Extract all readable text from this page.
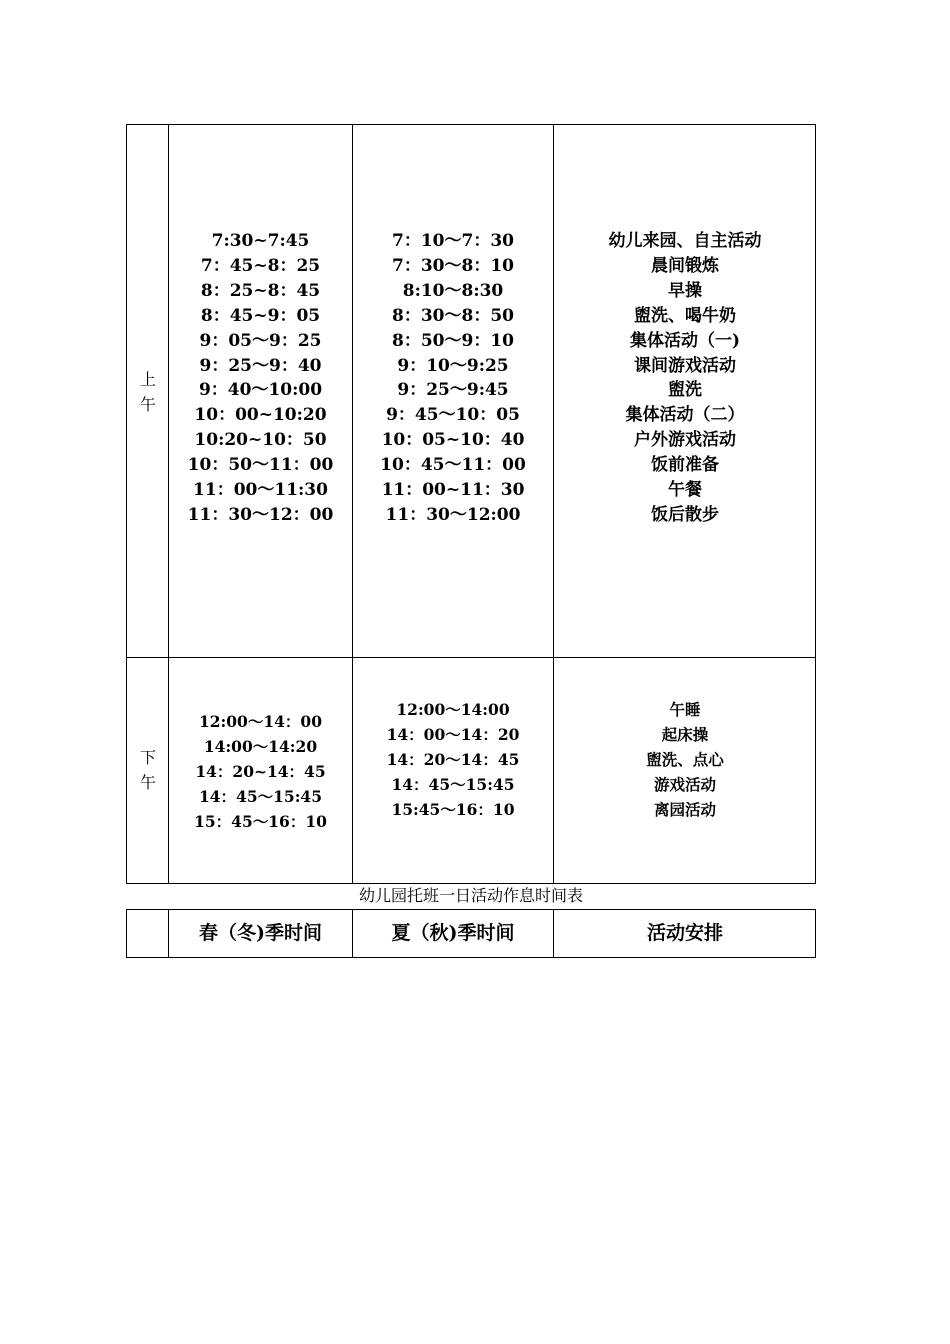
上
午
下
午
7:30~7:45
7：45~8：25
8：25~8：45
8：45~9：05
9：05〜9：25
9：25〜9：40
9：40〜10:00
10：00~10:20
10:20~10：50
10：50〜11：00
11：00〜11:30
11：30〜12：00
7：10〜7：30
7：30〜8：10
8:10〜8:30
8：30〜8：50
8：50〜9：10
9：10〜9:25
9：25〜9:45
9：45〜10：05
10：05~10：40
10：45〜11：00
11：00~11：30
11：30〜12:00
幼儿来园、自主活动
晨间锻炼
早操
盥洗、喝牛奶
集体活动（一)
课间游戏活动
盥洗
集体活动（二）
户外游戏活动
饭前准备
午餐
饭后散步
12:00〜14：00
14:00〜14:20
14：20~14：45
14：45〜15:45
15：45〜16：10
12:00〜14:00
14：00〜14：20
14：20〜14：45
14：45〜15:45
15:45〜16：10
午睡
起床操
盥洗、点心
游戏活动
离园活动
幼儿园托班一日活动作息时间表
春（冬)季时间	夏（秋)季时间	活动安排
